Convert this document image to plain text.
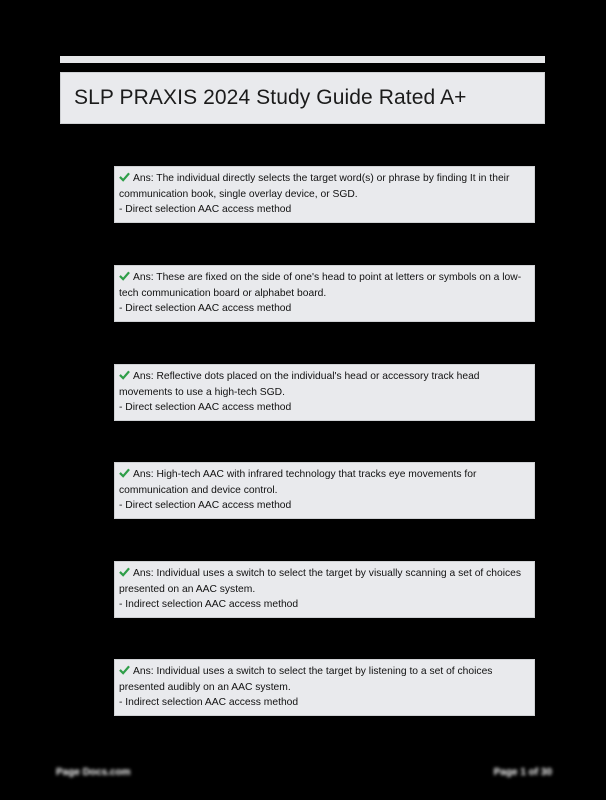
SLP PRAXIS 2024 Study Guide Rated A+

Ans: The individual directly selects the target word(s) or phrase by finding It in their communication book, single overlay device, or SGD.

- Direct selection AAC access method

Ans: These are fixed on the side of one's head to point at letters or symbols on a low-tech communication board or alphabet board.

- Direct selection AAC access method

Ans: Reflective dots placed on the individual's head or accessory track head movements to use a high-tech SGD.

- Direct selection AAC access method

Ans: High-tech AAC with infrared technology that tracks eye movements for communication and device control.

- Direct selection AAC access method

Ans: Individual uses a switch to select the target by visually scanning a set of choices presented on an AAC system.

- Indirect selection AAC access method

Ans: Individual uses a switch to select the target by listening to a set of choices presented audibly on an AAC system.

- Indirect selection AAC access method

Page Docs.com	Page 1 of 30
